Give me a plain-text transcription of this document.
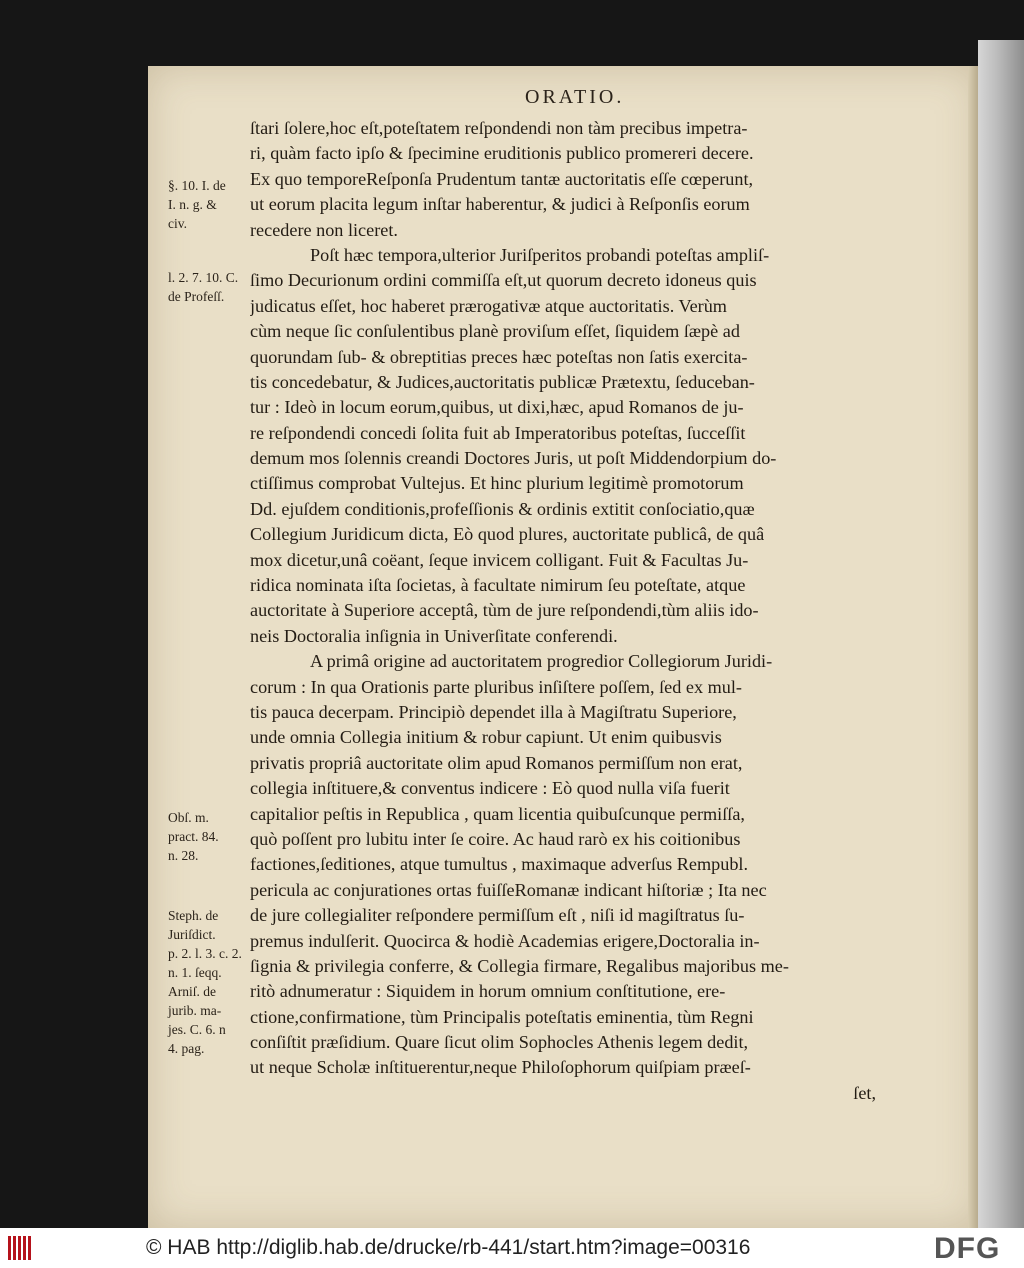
ORATIO.
ſtari ſolere,hoc eſt,poteſtatem reſpondendi non tàm precibus impetra-
ri, quàm facto ipſo & ſpecimine eruditionis publico promereri decere.
Ex quo temporeReſponſa Prudentum tantæ auctoritatis eſſe cœperunt,
ut eorum placita legum inſtar haberentur, & judici à Reſponſis eorum
recedere non liceret.
Poſt hæc tempora,ulterior Juriſperitos probandi poteſtas ampliſ-
ſimo Decurionum ordini commiſſa eſt,ut quorum decreto idoneus quis
judicatus eſſet, hoc haberet prærogativæ atque auctoritatis. Verùm
cùm neque ſic conſulentibus planè proviſum eſſet, ſiquidem ſæpè ad
quorundam ſub- & obreptitias preces hæc poteſtas non ſatis exercita-
tis concedebatur, & Judices,auctoritatis publicæ Prætextu, ſeduceban-
tur : Ideò in locum eorum,quibus, ut dixi,hæc, apud Romanos de ju-
re reſpondendi concedi ſolita fuit ab Imperatoribus poteſtas, ſucceſſit
demum mos ſolennis creandi Doctores Juris, ut poſt Middendorpium do-
ctiſſimus comprobat Vultejus. Et hinc plurium legitimè promotorum
Dd. ejuſdem conditionis,profeſſionis & ordinis extitit conſociatio,quæ
Collegium Juridicum dicta, Eò quod plures, auctoritate publicâ, de quâ
mox dicetur,unâ coëant, ſeque invicem colligant. Fuit & Facultas Ju-
ridica nominata iſta ſocietas, à facultate nimirum ſeu poteſtate, atque
auctoritate à Superiore acceptâ, tùm de jure reſpondendi,tùm aliis ido-
neis Doctoralia inſignia in Univerſitate conferendi.
A primâ origine ad auctoritatem progredior Collegiorum Juridi-
corum : In qua Orationis parte pluribus inſiſtere poſſem, ſed ex mul-
tis pauca decerpam. Principiò dependet illa à Magiſtratu Superiore,
unde omnia Collegia initium & robur capiunt. Ut enim quibusvis
privatis propriâ auctoritate olim apud Romanos permiſſum non erat,
collegia inſtituere,& conventus indicere : Eò quod nulla viſa fuerit
capitalior peſtis in Republica , quam licentia quibuſcunque permiſſa,
quò poſſent pro lubitu inter ſe coire. Ac haud rarò ex his coitionibus
factiones,ſeditiones, atque tumultus , maximaque adverſus Rempubl.
pericula ac conjurationes ortas fuiſſeRomanæ indicant hiſtoriæ ; Ita nec
de jure collegialiter reſpondere permiſſum eſt , niſi id magiſtratus ſu-
premus indulſerit. Quocirca & hodiè Academias erigere,Doctoralia in-
ſignia & privilegia conferre, & Collegia firmare, Regalibus majoribus me-
ritò adnumeratur : Siquidem in horum omnium conſtitutione, ere-
ctione,confirmatione, tùm Principalis poteſtatis eminentia, tùm Regni
conſiſtit præſidium. Quare ſicut olim Sophocles Athenis legem dedit,
ut neque Scholæ inſtituerentur,neque Philoſophorum quiſpiam præeſ-
ſet,
§. 10. I. de
I. n. g. &
civ.
l. 2. 7. 10. C.
de Profeſſ.
Obſ. m.
pract. 84.
n. 28.
Steph. de
Juriſdict.
p. 2. l. 3. c. 2.
n. 1. ſeqq.
Arniſ. de
jurib. ma-
jes. C. 6. n
4. pag.
© HAB http://diglib.hab.de/drucke/rb-441/start.htm?image=00316	DFG
